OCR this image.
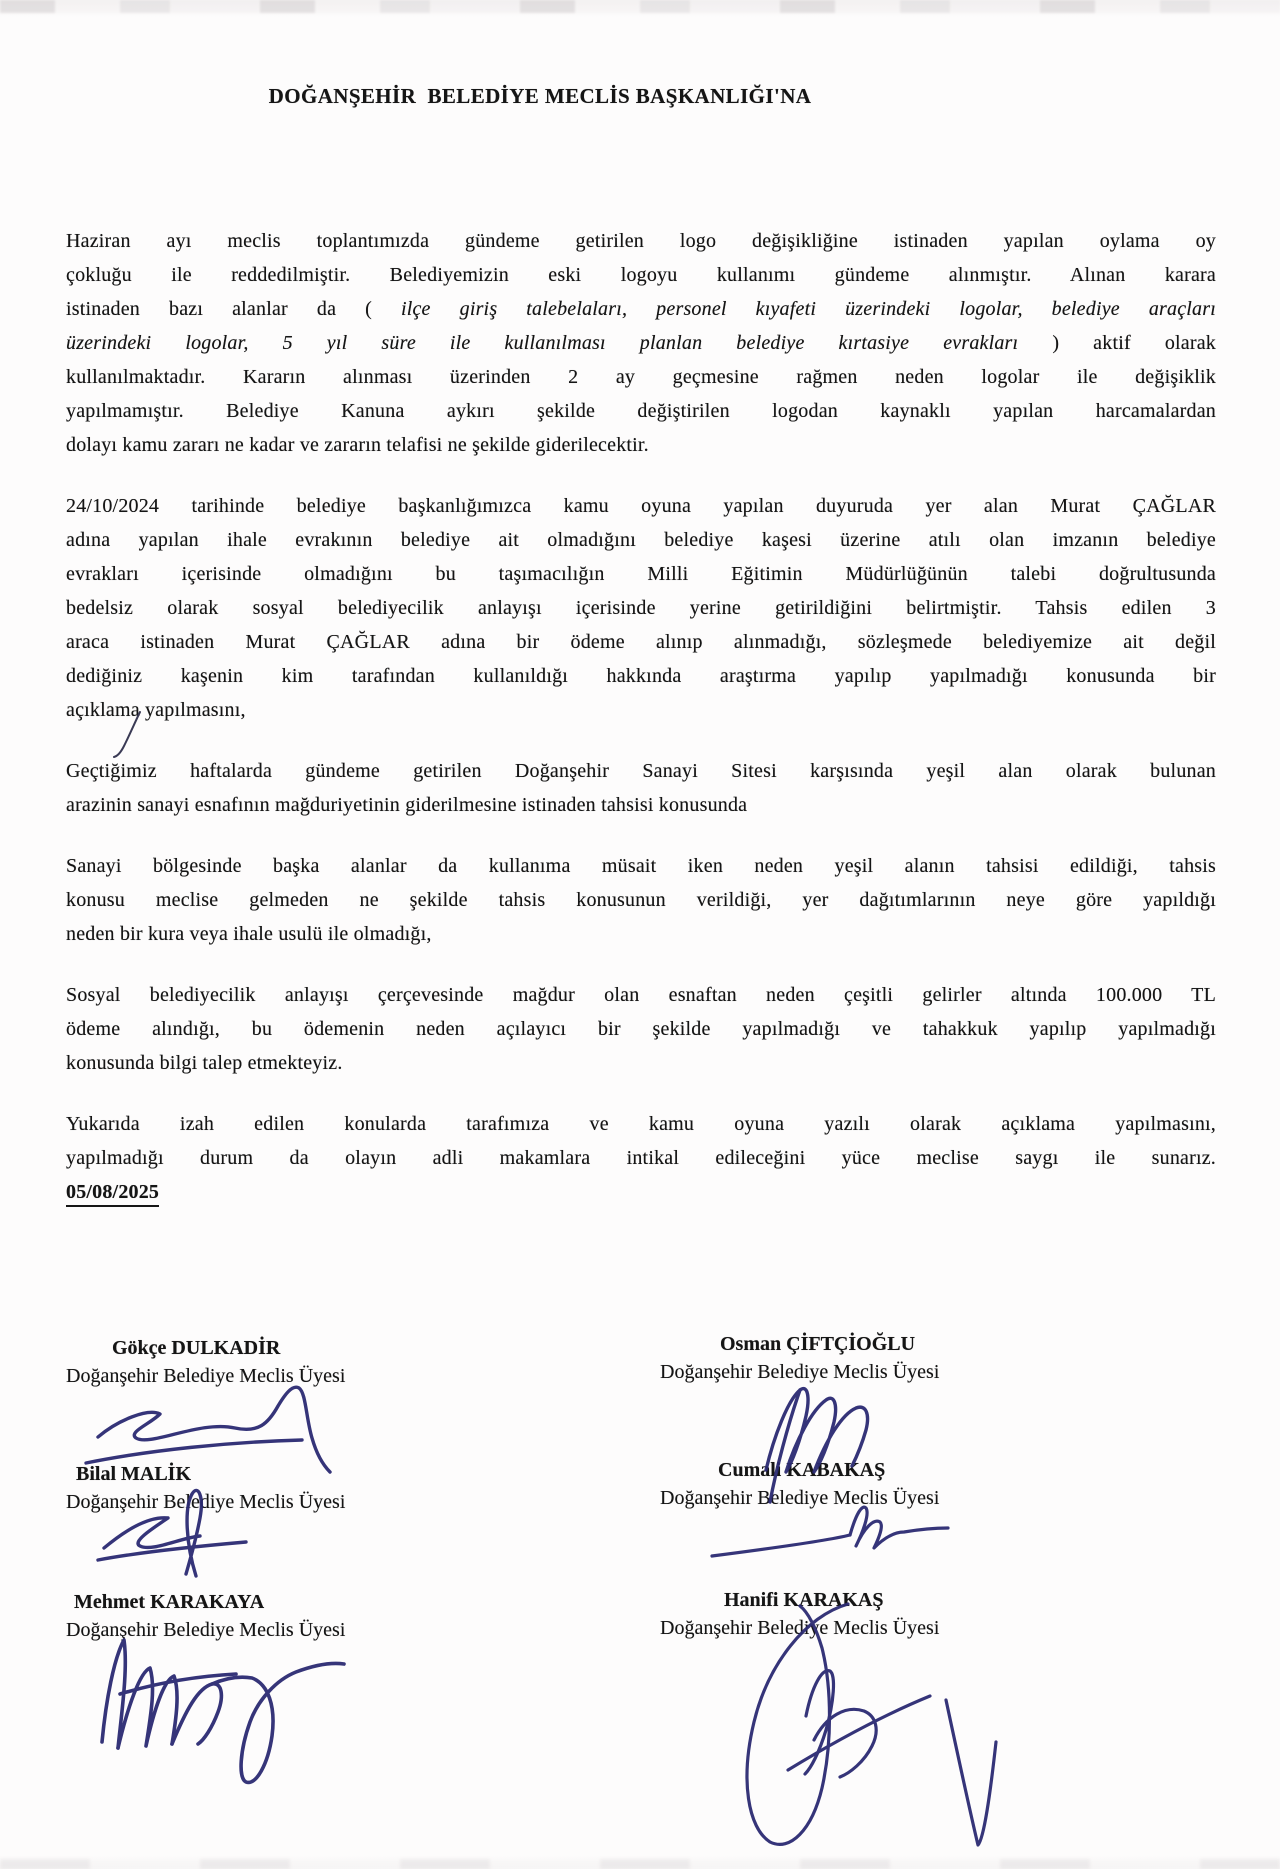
DOĞANŞEHİR  BELEDİYE MECLİS BAŞKANLIĞI'NA
Haziran ayı meclis toplantımızda gündeme getirilen logo değişikliğine istinaden yapılan oylama oy
çokluğu ile reddedilmiştir. Belediyemizin eski logoyu kullanımı gündeme alınmıştır. Alınan karara
istinaden bazı alanlar da ( ilçe giriş talebelaları, personel kıyafeti üzerindeki logolar, belediye araçları
üzerindeki logolar, 5 yıl süre ile kullanılması planlan belediye kırtasiye evrakları ) aktif olarak
kullanılmaktadır. Kararın alınması üzerinden 2 ay geçmesine rağmen neden logolar ile değişiklik
yapılmamıştır. Belediye Kanuna aykırı şekilde değiştirilen logodan kaynaklı yapılan harcamalardan
dolayı kamu zararı ne kadar ve zararın telafisi ne şekilde giderilecektir.
24/10/2024 tarihinde belediye başkanlığımızca kamu oyuna yapılan duyuruda yer alan Murat ÇAĞLAR
adına yapılan ihale evrakının belediye ait olmadığını belediye kaşesi üzerine atılı olan imzanın belediye
evrakları içerisinde olmadığını bu taşımacılığın Milli Eğitimin Müdürlüğünün talebi doğrultusunda
bedelsiz olarak sosyal belediyecilik anlayışı içerisinde yerine getirildiğini belirtmiştir. Tahsis edilen 3
araca istinaden Murat ÇAĞLAR adına bir ödeme alınıp alınmadığı, sözleşmede belediyemize ait değil
dediğiniz kaşenin kim tarafından kullanıldığı hakkında araştırma yapılıp yapılmadığı konusunda bir
açıklama yapılmasını,
Geçtiğimiz haftalarda gündeme getirilen Doğanşehir Sanayi Sitesi karşısında yeşil alan olarak bulunan
arazinin sanayi esnafının mağduriyetinin giderilmesine istinaden tahsisi konusunda
Sanayi bölgesinde başka alanlar da kullanıma müsait iken neden yeşil alanın tahsisi edildiği, tahsis
konusu meclise gelmeden ne şekilde tahsis konusunun verildiği, yer dağıtımlarının neye göre yapıldığı
neden bir kura veya ihale usulü ile olmadığı,
Sosyal belediyecilik anlayışı çerçevesinde mağdur olan esnaftan neden çeşitli gelirler altında 100.000 TL
ödeme alındığı, bu ödemenin neden açılayıcı bir şekilde yapılmadığı ve tahakkuk yapılıp yapılmadığı
konusunda bilgi talep etmekteyiz.
Yukarıda izah edilen konularda tarafımıza ve kamu oyuna yazılı olarak açıklama yapılmasını,
yapılmadığı durum da olayın adli makamlara intikal edileceğini yüce meclise saygı ile sunarız.
05/08/2025
Gökçe DULKADİR
Doğanşehir Belediye Meclis Üyesi
Osman ÇİFTÇİOĞLU
Doğanşehir Belediye Meclis Üyesi
Bilal MALİK
Doğanşehir Belediye Meclis Üyesi
Cumali KABAKAŞ
Doğanşehir Belediye Meclis Üyesi
Mehmet KARAKAYA
Doğanşehir Belediye Meclis Üyesi
Hanifi KARAKAŞ
Doğanşehir Belediye Meclis Üyesi
